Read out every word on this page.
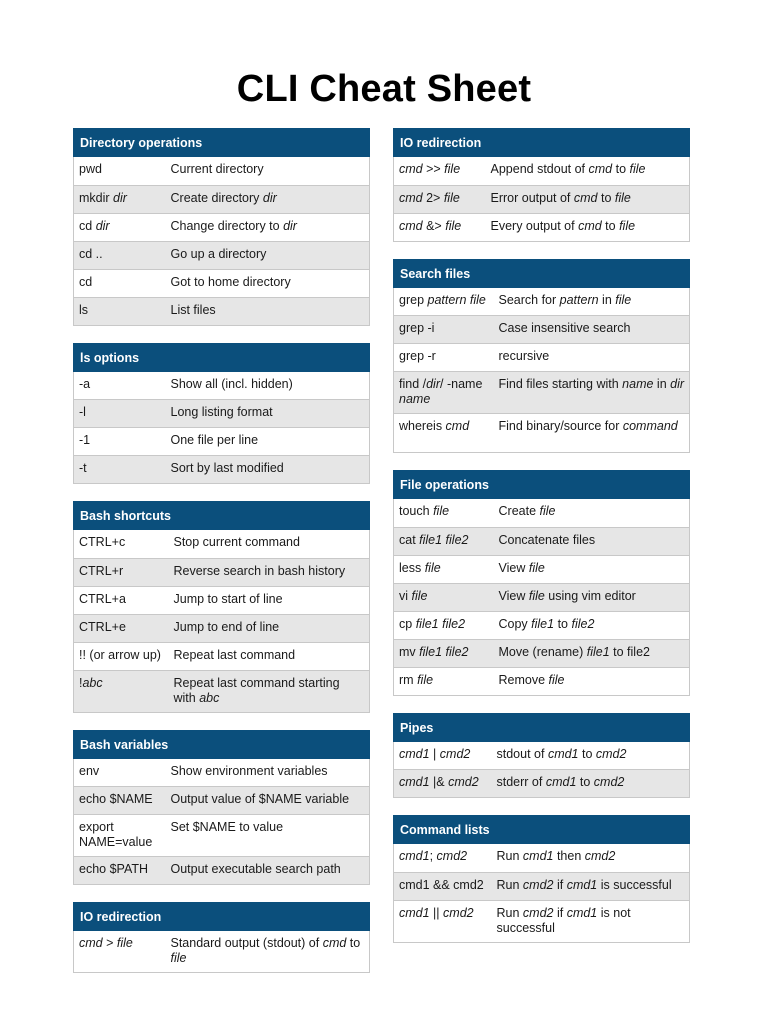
CLI Cheat Sheet
Directory operations
pwd	Current directory
mkdir dir	Create directory dir
cd dir	Change directory to dir
cd ..	Go up a directory
cd	Got to home directory
ls	List files
ls options
-a	Show all (incl. hidden)
-l	Long listing format
-1	One file per line
-t	Sort by last modified
Bash shortcuts
CTRL+c	Stop current command
CTRL+r	Reverse search in bash history
CTRL+a	Jump to start of line
CTRL+e	Jump to end of line
!! (or arrow up)	Repeat last command
!abc	Repeat last command starting with abc
Bash variables
env	Show environment variables
echo $NAME	Output value of $NAME variable
export NAME=value	Set $NAME to value
echo $PATH	Output executable search path
IO redirection
cmd > file	Standard output (stdout) of cmd to file
IO redirection
cmd >> file	Append stdout of cmd to file
cmd 2> file	Error output of cmd to file
cmd &> file	Every output of cmd to file
Search files
grep pattern file	Search for pattern in file
grep -i	Case insensitive search
grep -r	recursive
find /dir/ -name name	Find files starting with name in dir
whereis cmd	Find binary/source for command
File operations
touch file	Create file
cat file1 file2	Concatenate files
less file	View file
vi file	View file using vim editor
cp file1 file2	Copy file1 to file2
mv file1 file2	Move (rename) file1 to file2
rm file	Remove file
Pipes
cmd1 | cmd2	stdout of cmd1 to cmd2
cmd1 |& cmd2	stderr of cmd1 to cmd2
Command lists
cmd1; cmd2	Run cmd1 then cmd2
cmd1 && cmd2	Run cmd2 if cmd1 is successful
cmd1 || cmd2	Run cmd2 if cmd1 is not successful
